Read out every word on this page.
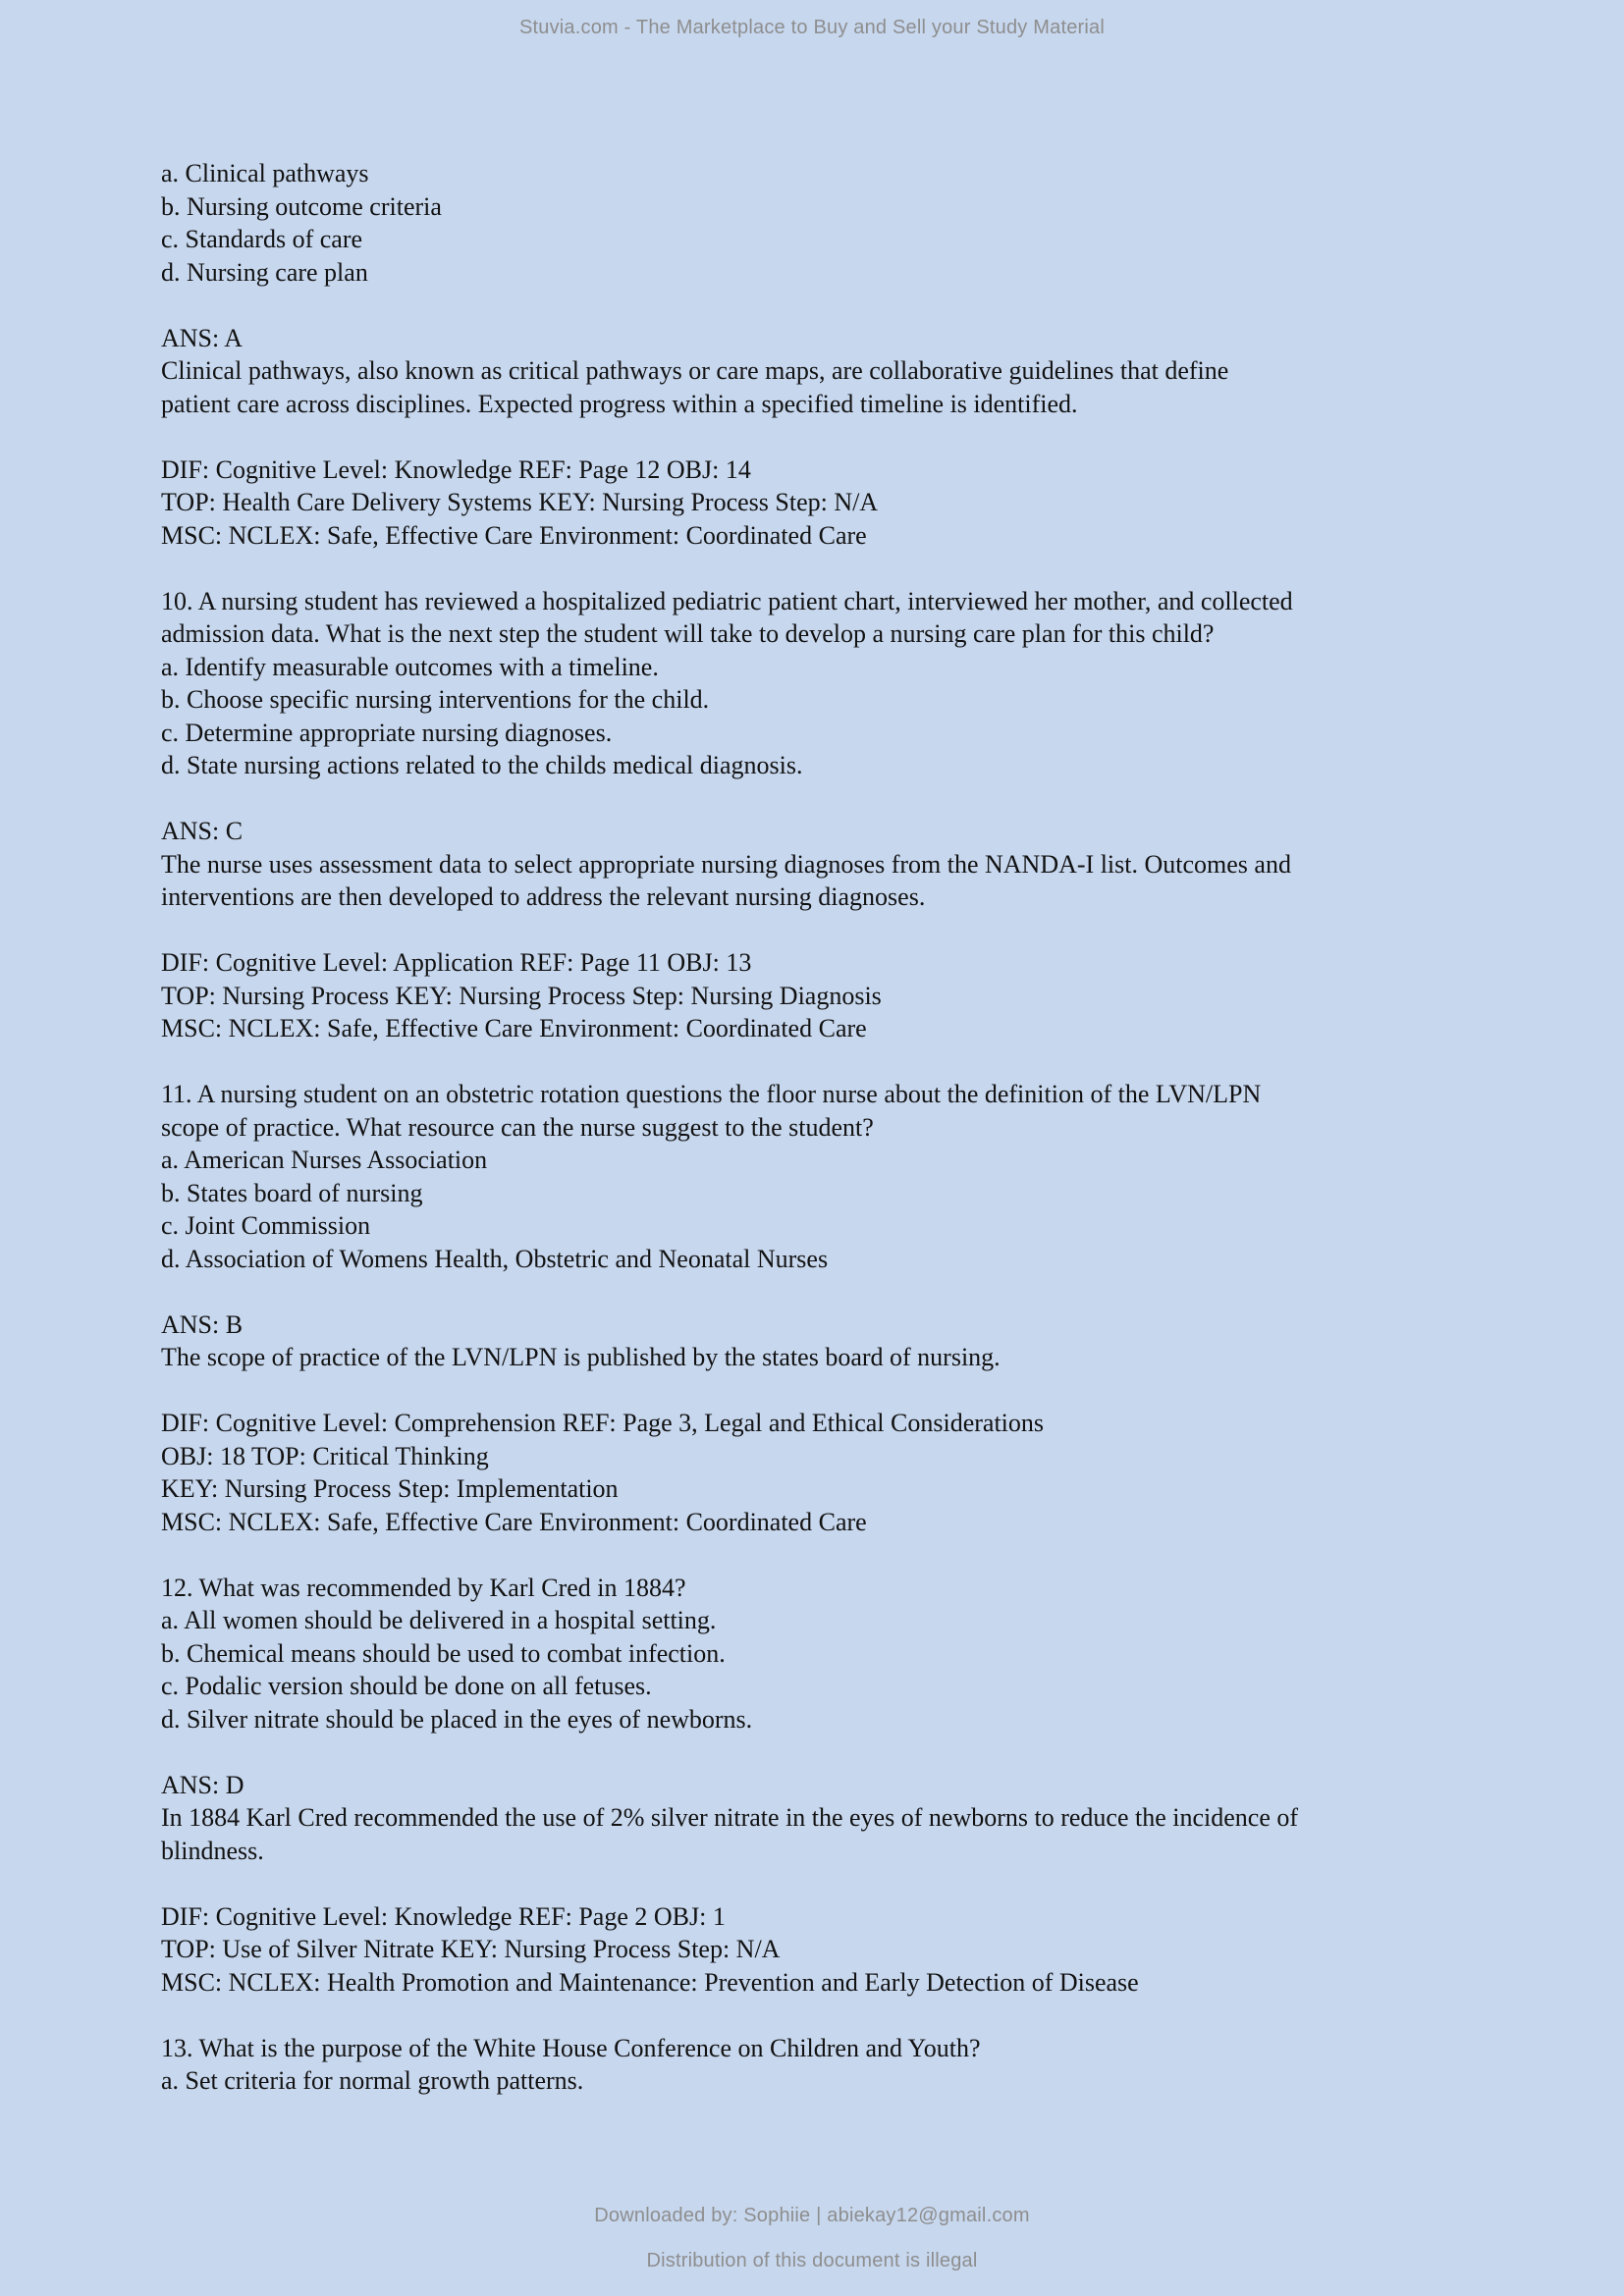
Stuvia.com - The Marketplace to Buy and Sell your Study Material
a. Clinical pathways
b. Nursing outcome criteria
c. Standards of care
d. Nursing care plan
ANS: A
Clinical pathways, also known as critical pathways or care maps, are collaborative guidelines that define
patient care across disciplines. Expected progress within a specified timeline is identified.
DIF: Cognitive Level: Knowledge REF: Page 12 OBJ: 14
TOP: Health Care Delivery Systems KEY: Nursing Process Step: N/A
MSC: NCLEX: Safe, Effective Care Environment: Coordinated Care
10. A nursing student has reviewed a hospitalized pediatric patient chart, interviewed her mother, and collected
admission data. What is the next step the student will take to develop a nursing care plan for this child?
a. Identify measurable outcomes with a timeline.
b. Choose specific nursing interventions for the child.
c. Determine appropriate nursing diagnoses.
d. State nursing actions related to the childs medical diagnosis.
ANS: C
The nurse uses assessment data to select appropriate nursing diagnoses from the NANDA-I list. Outcomes and
interventions are then developed to address the relevant nursing diagnoses.
DIF: Cognitive Level: Application REF: Page 11 OBJ: 13
TOP: Nursing Process KEY: Nursing Process Step: Nursing Diagnosis
MSC: NCLEX: Safe, Effective Care Environment: Coordinated Care
11. A nursing student on an obstetric rotation questions the floor nurse about the definition of the LVN/LPN
scope of practice. What resource can the nurse suggest to the student?
a. American Nurses Association
b. States board of nursing
c. Joint Commission
d. Association of Womens Health, Obstetric and Neonatal Nurses
ANS: B
The scope of practice of the LVN/LPN is published by the states board of nursing.
DIF: Cognitive Level: Comprehension REF: Page 3, Legal and Ethical Considerations
OBJ: 18 TOP: Critical Thinking
KEY: Nursing Process Step: Implementation
MSC: NCLEX: Safe, Effective Care Environment: Coordinated Care
12. What was recommended by Karl Cred in 1884?
a. All women should be delivered in a hospital setting.
b. Chemical means should be used to combat infection.
c. Podalic version should be done on all fetuses.
d. Silver nitrate should be placed in the eyes of newborns.
ANS: D
In 1884 Karl Cred recommended the use of 2% silver nitrate in the eyes of newborns to reduce the incidence of
blindness.
DIF: Cognitive Level: Knowledge REF: Page 2 OBJ: 1
TOP: Use of Silver Nitrate KEY: Nursing Process Step: N/A
MSC: NCLEX: Health Promotion and Maintenance: Prevention and Early Detection of Disease
13. What is the purpose of the White House Conference on Children and Youth?
a. Set criteria for normal growth patterns.
Downloaded by: Sophiie | abiekay12@gmail.com
Distribution of this document is illegal
